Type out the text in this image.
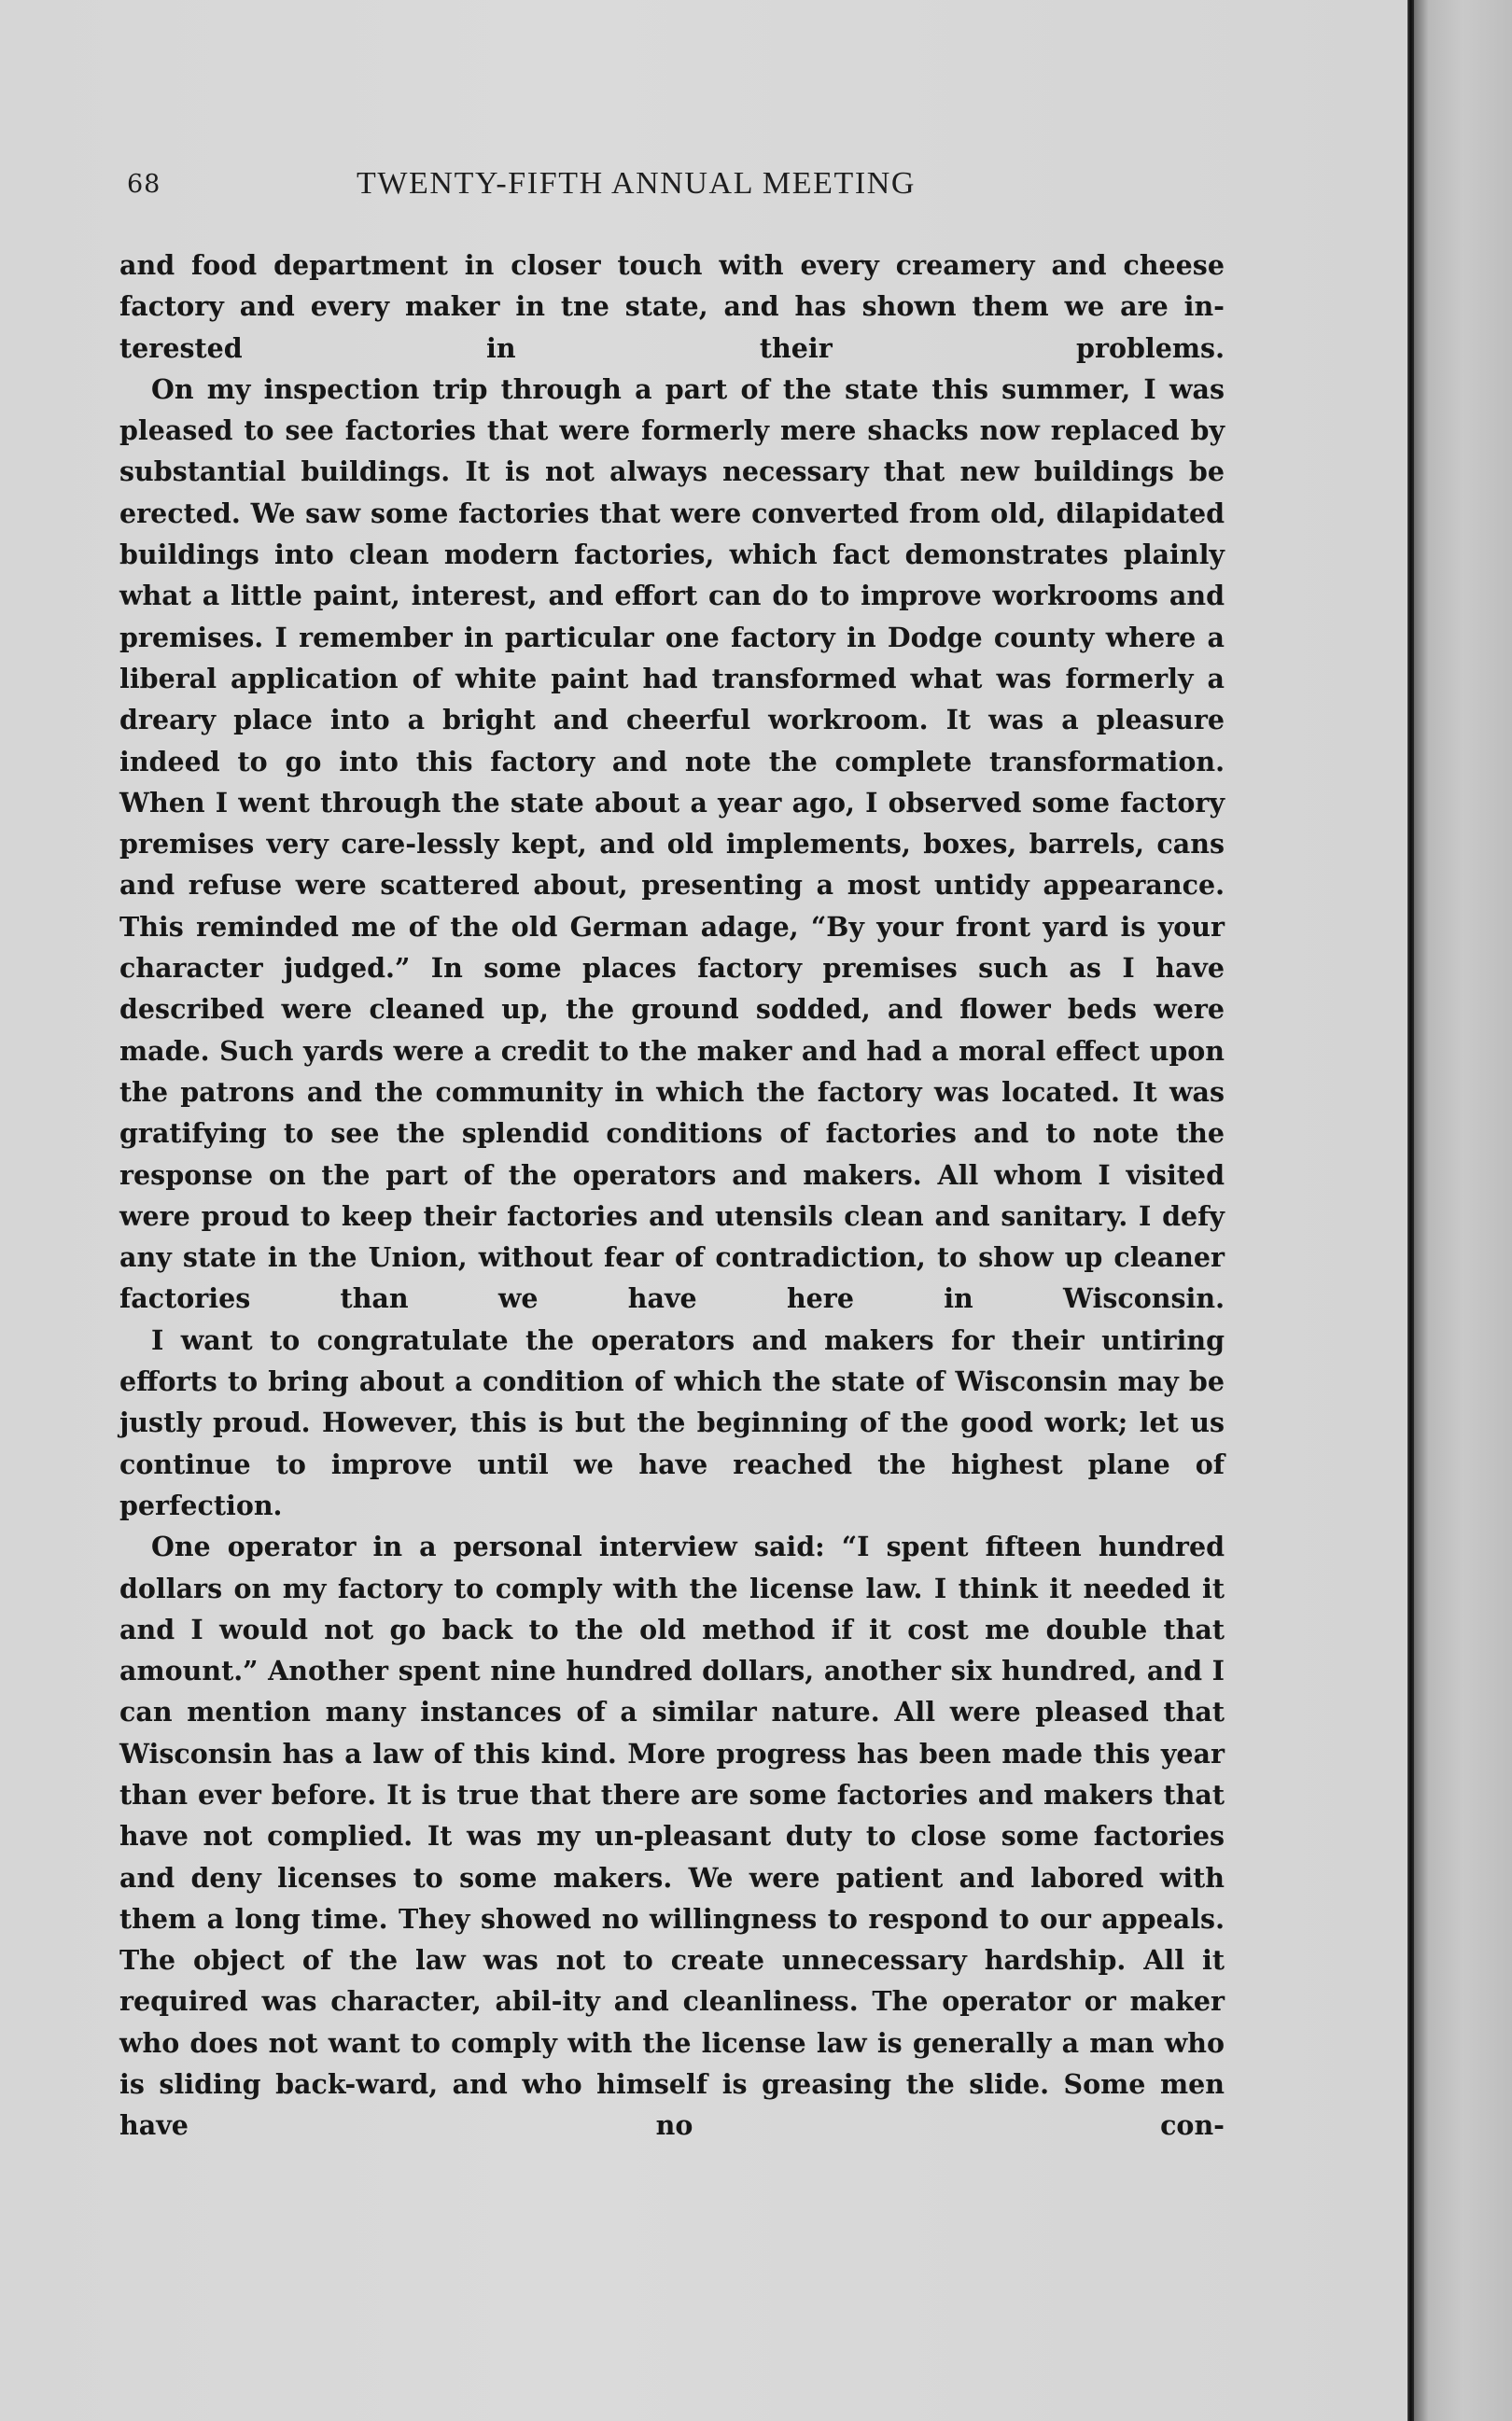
68	TWENTY-FIFTH ANNUAL MEETING

and food department in closer touch with every creamery and cheese factory and every maker in tne state, and has shown them we are in-terested in their problems.

On my inspection trip through a part of the state this summer, I was pleased to see factories that were formerly mere shacks now replaced by substantial buildings. It is not always necessary that new buildings be erected. We saw some factories that were converted from old, dilapidated buildings into clean modern factories, which fact demonstrates plainly what a little paint, interest, and effort can do to improve workrooms and premises. I remember in particular one factory in Dodge county where a liberal application of white paint had transformed what was formerly a dreary place into a bright and cheerful workroom. It was a pleasure indeed to go into this factory and note the complete transformation. When I went through the state about a year ago, I observed some factory premises very care-lessly kept, and old implements, boxes, barrels, cans and refuse were scattered about, presenting a most untidy appearance. This reminded me of the old German adage, “By your front yard is your character judged.” In some places factory premises such as I have described were cleaned up, the ground sodded, and flower beds were made. Such yards were a credit to the maker and had a moral effect upon the patrons and the community in which the factory was located. It was gratifying to see the splendid conditions of factories and to note the response on the part of the operators and makers. All whom I visited were proud to keep their factories and utensils clean and sanitary. I defy any state in the Union, without fear of contradiction, to show up cleaner factories than we have here in Wisconsin.

I want to congratulate the operators and makers for their untiring efforts to bring about a condition of which the state of Wisconsin may be justly proud. However, this is but the beginning of the good work; let us continue to improve until we have reached the highest plane of perfection.

One operator in a personal interview said: “I spent fifteen hundred dollars on my factory to comply with the license law. I think it needed it and I would not go back to the old method if it cost me double that amount.” Another spent nine hundred dollars, another six hundred, and I can mention many instances of a similar nature. All were pleased that Wisconsin has a law of this kind. More progress has been made this year than ever before. It is true that there are some factories and makers that have not complied. It was my un-pleasant duty to close some factories and deny licenses to some makers. We were patient and labored with them a long time. They showed no willingness to respond to our appeals. The object of the law was not to create unnecessary hardship. All it required was character, abil-ity and cleanliness. The operator or maker who does not want to comply with the license law is generally a man who is sliding back-ward, and who himself is greasing the slide. Some men have no con-
